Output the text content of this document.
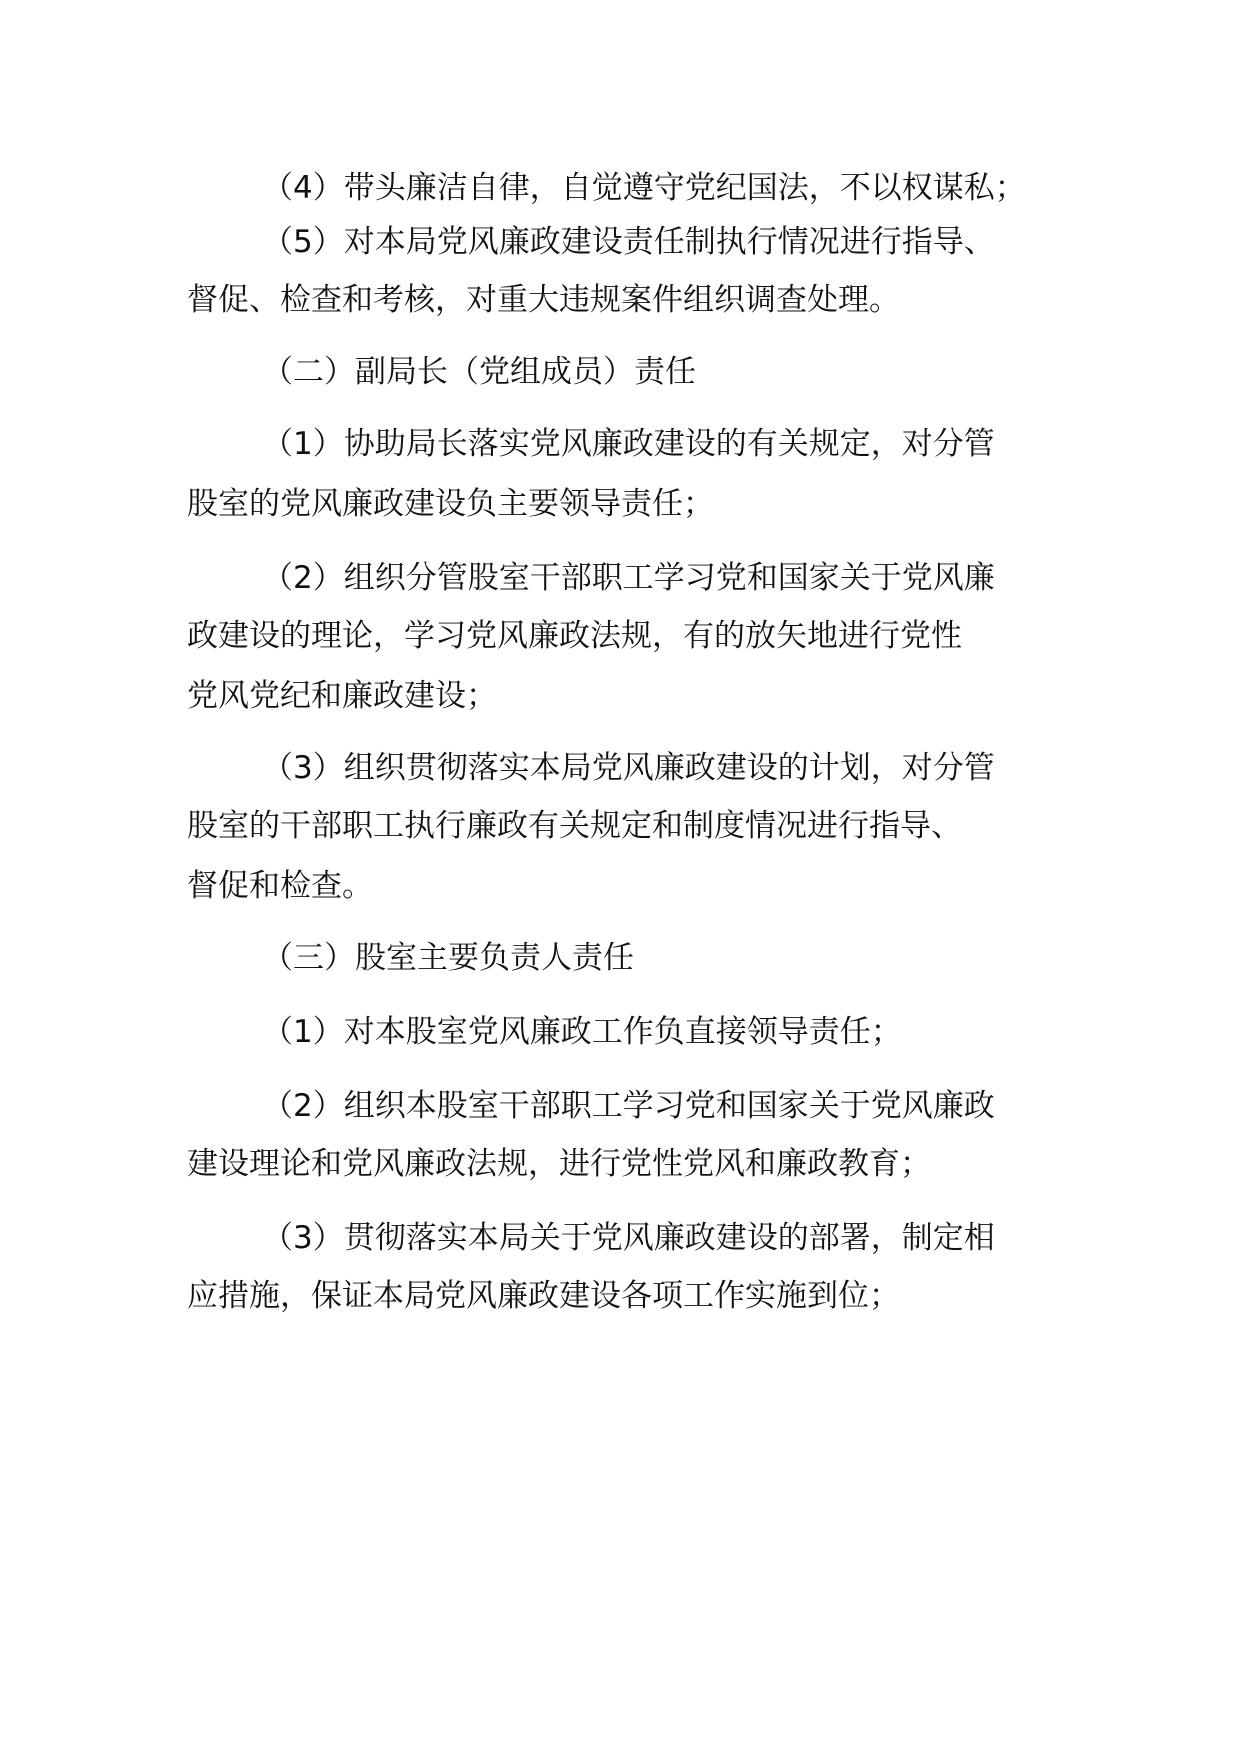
（4）带头廉洁自律，自觉遵守党纪国法，不以权谋私；

（5）对本局党风廉政建设责任制执行情况进行指导、

督促、检查和考核，对重大违规案件组织调查处理。

（二）副局长（党组成员）责任

（1）协助局长落实党风廉政建设的有关规定，对分管

股室的党风廉政建设负主要领导责任；

（2）组织分管股室干部职工学习党和国家关于党风廉

政建设的理论，学习党风廉政法规，有的放矢地进行党性

党风党纪和廉政建设；

（3）组织贯彻落实本局党风廉政建设的计划，对分管

股室的干部职工执行廉政有关规定和制度情况进行指导、

督促和检查。

（三）股室主要负责人责任

（1）对本股室党风廉政工作负直接领导责任；

（2）组织本股室干部职工学习党和国家关于党风廉政

建设理论和党风廉政法规，进行党性党风和廉政教育；

（3）贯彻落实本局关于党风廉政建设的部署，制定相

应措施，保证本局党风廉政建设各项工作实施到位；
